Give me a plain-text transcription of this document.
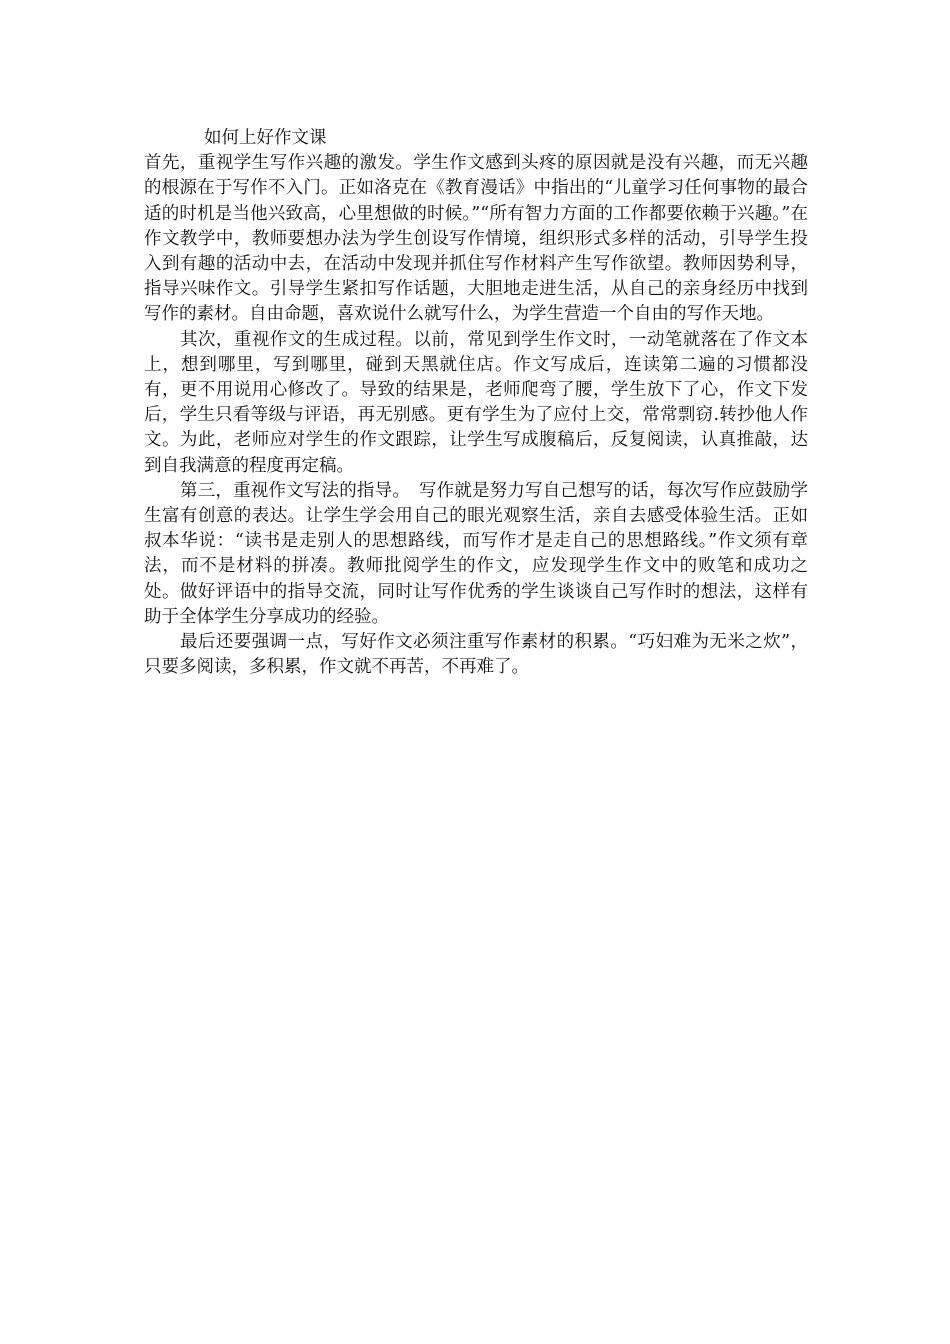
如何上好作文课

首先，重视学生写作兴趣的激发。学生作文感到头疼的原因就是没有兴趣，而无兴趣的根源在于写作不入门。正如洛克在《教育漫话》中指出的“儿童学习任何事物的最合适的时机是当他兴致高，心里想做的时候。”“所有智力方面的工作都要依赖于兴趣。”在作文教学中，教师要想办法为学生创设写作情境，组织形式多样的活动，引导学生投入到有趣的活动中去，在活动中发现并抓住写作材料产生写作欲望。教师因势利导，指导兴味作文。引导学生紧扣写作话题，大胆地走进生活，从自己的亲身经历中找到写作的素材。自由命题，喜欢说什么就写什么，为学生营造一个自由的写作天地。

其次，重视作文的生成过程。以前，常见到学生作文时，一动笔就落在了作文本上，想到哪里，写到哪里，碰到天黑就住店。作文写成后，连读第二遍的习惯都没有，更不用说用心修改了。导致的结果是，老师爬弯了腰，学生放下了心，作文下发后，学生只看等级与评语，再无别感。更有学生为了应付上交，常常剽窃.转抄他人作文。为此，老师应对学生的作文跟踪，让学生写成腹稿后，反复阅读，认真推敲，达到自我满意的程度再定稿。

第三，重视作文写法的指导。　写作就是努力写自己想写的话，每次写作应鼓励学生富有创意的表达。让学生学会用自己的眼光观察生活，亲自去感受体验生活。正如叔本华说：“读书是走别人的思想路线，而写作才是走自己的思想路线。”作文须有章法，而不是材料的拼凑。教师批阅学生的作文，应发现学生作文中的败笔和成功之处。做好评语中的指导交流，同时让写作优秀的学生谈谈自己写作时的想法，这样有助于全体学生分享成功的经验。

最后还要强调一点，写好作文必须注重写作素材的积累。“巧妇难为无米之炊”，只要多阅读，多积累，作文就不再苦，不再难了。
